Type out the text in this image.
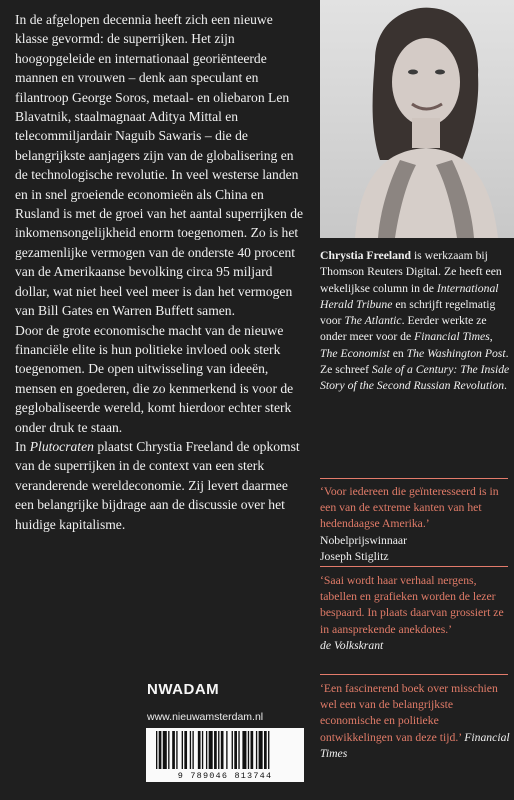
In de afgelopen decennia heeft zich een nieuwe klasse gevormd: de superrijken. Het zijn hoogopgeleide en internationaal georiënteerde mannen en vrouwen – denk aan speculant en filantroop George Soros, metaal- en oliebaron Len Blavatnik, staalmagnaat Aditya Mittal en telecommiljardair Naguib Sawaris – die de belangrijkste aanjagers zijn van de globalisering en de technologische revolutie. In veel westerse landen en in snel groeiende economieën als China en Rusland is met de groei van het aantal superrijken de inkomensongelijkheid enorm toegenomen. Zo is het gezamenlijke vermogen van de onderste 40 procent van de Amerikaanse bevolking circa 95 miljard dollar, wat niet heel veel meer is dan het vermogen van Bill Gates en Warren Buffett samen.

Door de grote economische macht van de nieuwe financiële elite is hun politieke invloed ook sterk toegenomen. De open uitwisseling van ideeën, mensen en goederen, die zo kenmerkend is voor de geglobaliseerde wereld, komt hierdoor echter sterk onder druk te staan.

In Plutocraten plaatst Chrystia Freeland de opkomst van de superrijken in de context van een sterk veranderende wereldeconomie. Zij levert daarmee een belangrijke bijdrage aan de discussie over het huidige kapitalisme.

Chrystia Freeland is werkzaam bij Thomson Reuters Digital. Ze heeft een wekelijkse column in de International Herald Tribune en schrijft regelmatig voor The Atlantic. Eerder werkte ze onder meer voor de Financial Times, The Economist en The Washington Post. Ze schreef Sale of a Century: The Inside Story of the Second Russian Revolution.
‘Voor iedereen die geïnteresseerd is in een van de extreme kanten van het hedendaagse Amerika.’
Nobelprijswinnaar
Joseph Stiglitz
‘Saai wordt haar verhaal nergens, tabellen en grafieken worden de lezer bespaard. In plaats daarvan grossiert ze in aansprekende anekdotes.’
de Volkskrant
‘Een fascinerend boek over misschien wel een van de belangrijkste economische en politieke ontwikkelingen van deze tijd.’ Financial Times
NWADAM
www.nieuwamsterdam.nl
9 789046 813744
